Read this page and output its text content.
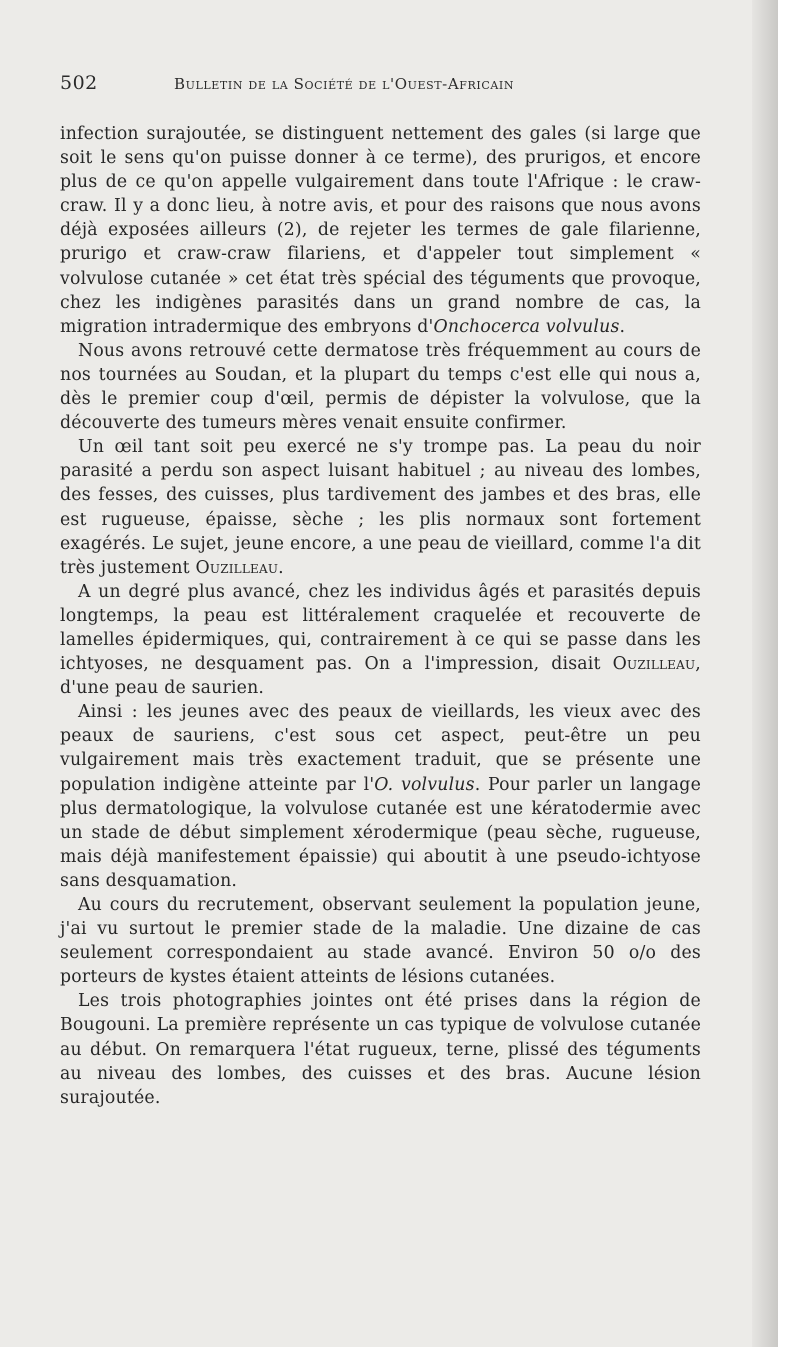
502	Bulletin de la Société de l'Ouest-Africain

infection surajoutée, se distinguent nettement des gales (si large que soit le sens qu'on puisse donner à ce terme), des prurigos, et encore plus de ce qu'on appelle vulgairement dans toute l'Afrique : le craw-craw. Il y a donc lieu, à notre avis, et pour des raisons que nous avons déjà exposées ailleurs (2), de rejeter les termes de gale filarienne, prurigo et craw-craw filariens, et d'appeler tout simplement « volvulose cutanée » cet état très spécial des téguments que provoque, chez les indigènes parasités dans un grand nombre de cas, la migration intradermique des embryons d'Onchocerca volvulus.

Nous avons retrouvé cette dermatose très fréquemment au cours de nos tournées au Soudan, et la plupart du temps c'est elle qui nous a, dès le premier coup d'œil, permis de dépister la volvulose, que la découverte des tumeurs mères venait ensuite confirmer.

Un œil tant soit peu exercé ne s'y trompe pas. La peau du noir parasité a perdu son aspect luisant habituel ; au niveau des lombes, des fesses, des cuisses, plus tardivement des jambes et des bras, elle est rugueuse, épaisse, sèche ; les plis normaux sont fortement exagérés. Le sujet, jeune encore, a une peau de vieillard, comme l'a dit très justement Ouzilleau.

A un degré plus avancé, chez les individus âgés et parasités depuis longtemps, la peau est littéralement craquelée et recouverte de lamelles épidermiques, qui, contrairement à ce qui se passe dans les ichtyoses, ne desquament pas. On a l'impression, disait Ouzilleau, d'une peau de saurien.

Ainsi : les jeunes avec des peaux de vieillards, les vieux avec des peaux de sauriens, c'est sous cet aspect, peut-être un peu vulgairement mais très exactement traduit, que se présente une population indigène atteinte par l'O. volvulus. Pour parler un langage plus dermatologique, la volvulose cutanée est une kératodermie avec un stade de début simplement xérodermique (peau sèche, rugueuse, mais déjà manifestement épaissie) qui aboutit à une pseudo-ichtyose sans desquamation.

Au cours du recrutement, observant seulement la population jeune, j'ai vu surtout le premier stade de la maladie. Une dizaine de cas seulement correspondaient au stade avancé. Environ 50 o/o des porteurs de kystes étaient atteints de lésions cutanées.

Les trois photographies jointes ont été prises dans la région de Bougouni. La première représente un cas typique de volvulose cutanée au début. On remarquera l'état rugueux, terne, plissé des téguments au niveau des lombes, des cuisses et des bras. Aucune lésion surajoutée.
